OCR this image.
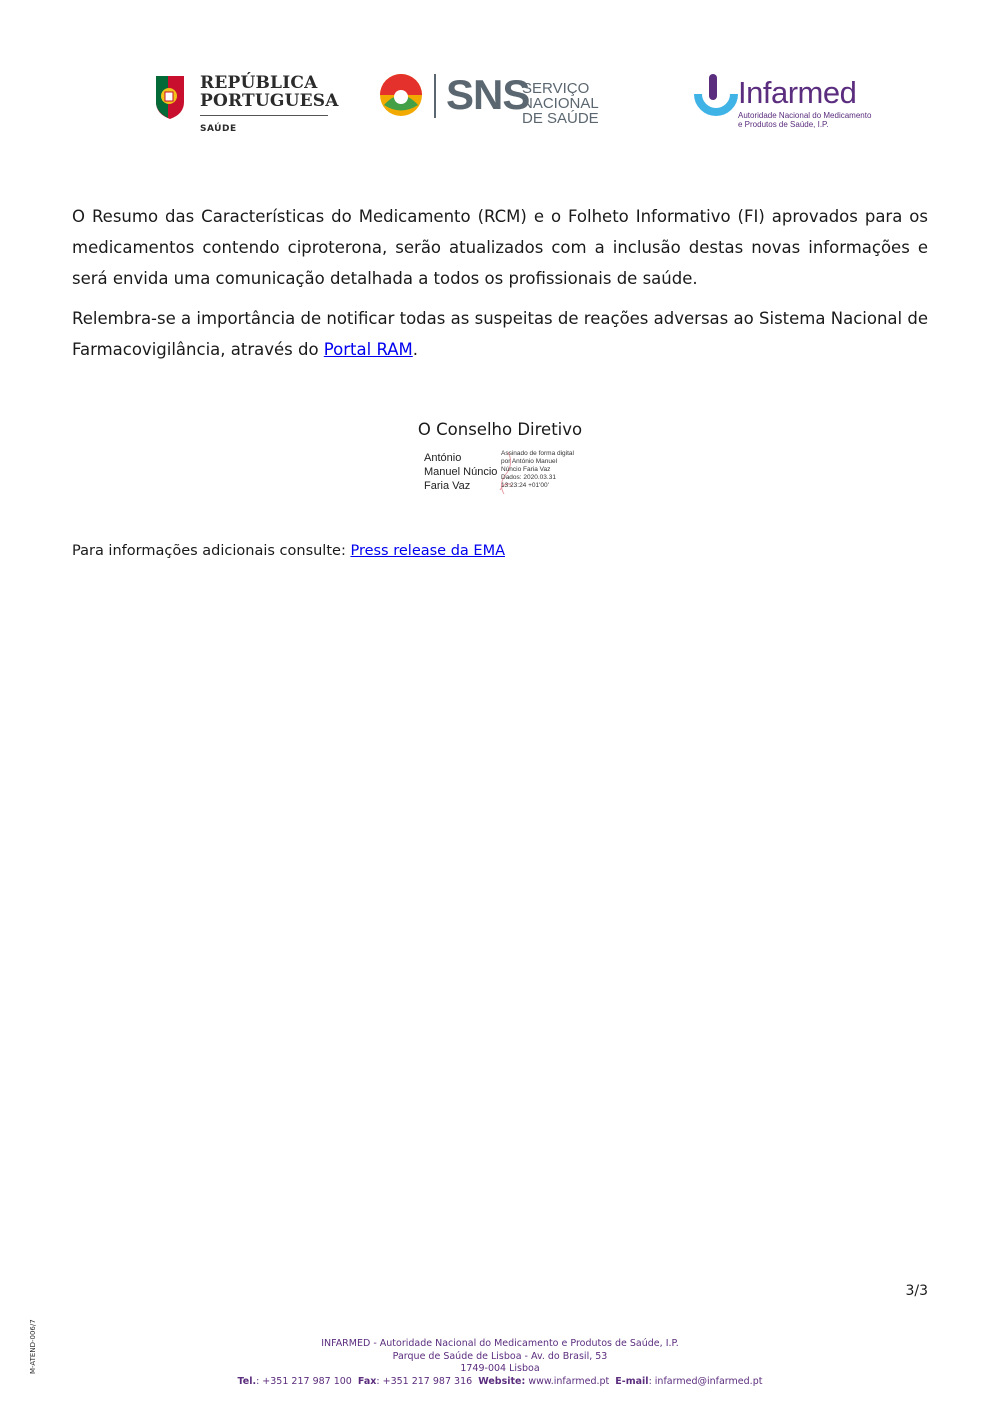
REPÚBLICA
PORTUGUESA
SAÚDE
SNS
SERVIÇO NACIONAL
DE SAÚDE
Infarmed
Autoridade Nacional do Medicamento
e Produtos de Saúde, I.P.

O Resumo das Características do Medicamento (RCM) e o Folheto Informativo (FI) aprovados para os medicamentos contendo ciproterona, serão atualizados com a inclusão destas novas informações e será envida uma comunicação detalhada a todos os profissionais de saúde.

Relembra-se a importância de notificar todas as suspeitas de reações adversas ao Sistema Nacional de Farmacovigilância, através do Portal RAM.

O Conselho Diretivo
António
Manuel Núncio
Faria Vaz
Assinado de forma digital
por António Manuel
Núncio Faria Vaz
Dados: 2020.03.31
13:23:24 +01'00'
Para informações adicionais consulte: Press release da EMA
3/3
M-ATEND-006/7	INFARMED - Autoridade Nacional do Medicamento e Produtos de Saúde, I.P.
Parque de Saúde de Lisboa - Av. do Brasil, 53
1749-004 Lisboa
Tel.: +351 217 987 100 Fax: +351 217 987 316 Website: www.infarmed.pt E-mail: infarmed@infarmed.pt
